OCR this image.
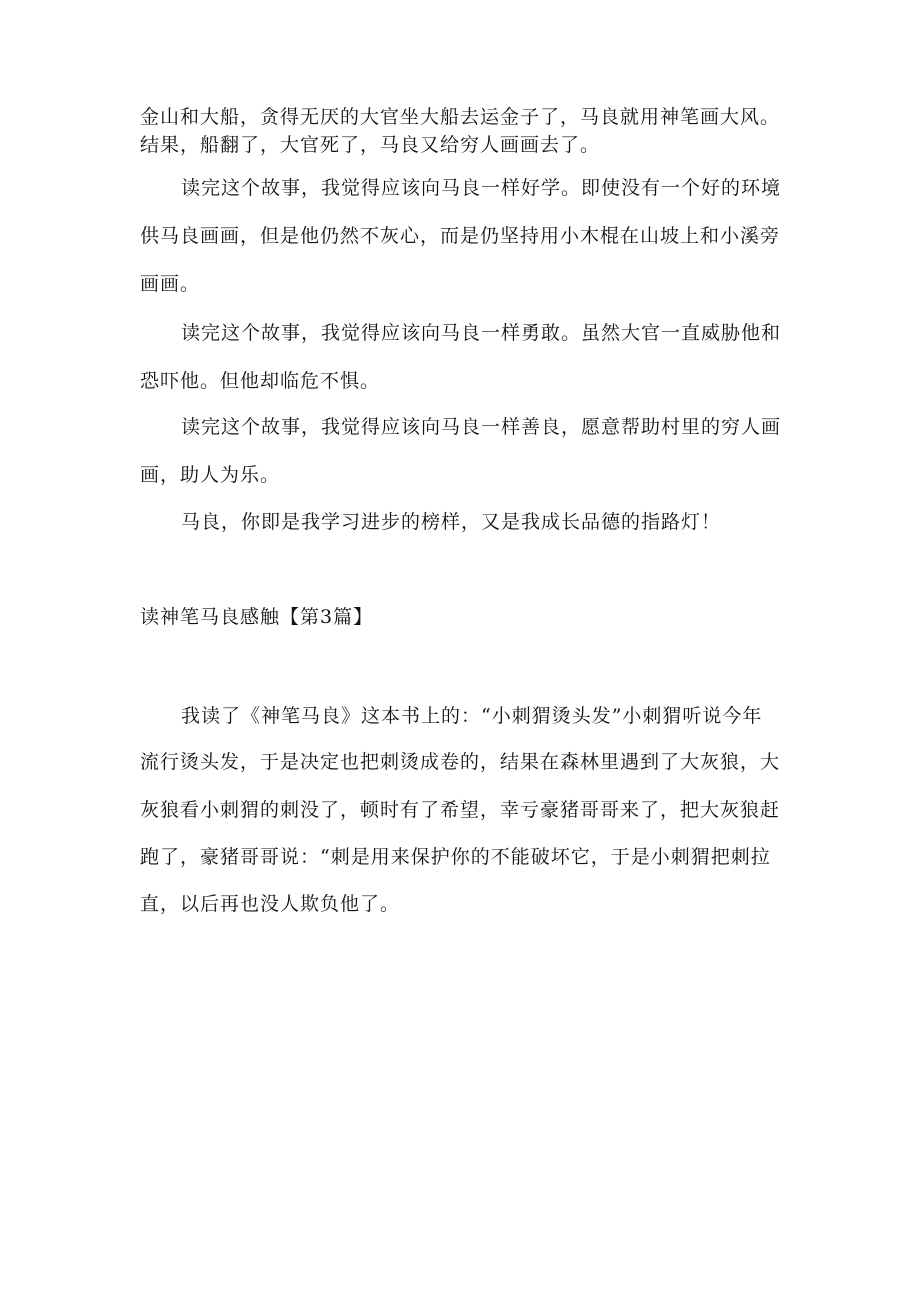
金山和大船，贪得无厌的大官坐大船去运金子了，马良就用神笔画大风。
结果，船翻了，大官死了，马良又给穷人画画去了。
读完这个故事，我觉得应该向马良一样好学。即使没有一个好的环境
供马良画画，但是他仍然不灰心，而是仍坚持用小木棍在山坡上和小溪旁
画画。
读完这个故事，我觉得应该向马良一样勇敢。虽然大官一直威胁他和
恐吓他。但他却临危不惧。
读完这个故事，我觉得应该向马良一样善良，愿意帮助村里的穷人画
画，助人为乐。
马良，你即是我学习进步的榜样，又是我成长品德的指路灯！
读神笔马良感触【第3篇】
我读了《神笔马良》这本书上的：“小刺猬烫头发”小刺猬听说今年
流行烫头发，于是决定也把刺烫成卷的，结果在森林里遇到了大灰狼，大
灰狼看小刺猬的刺没了，顿时有了希望，幸亏豪猪哥哥来了，把大灰狼赶
跑了，豪猪哥哥说：“刺是用来保护你的不能破坏它，于是小刺猬把刺拉
直，以后再也没人欺负他了。
